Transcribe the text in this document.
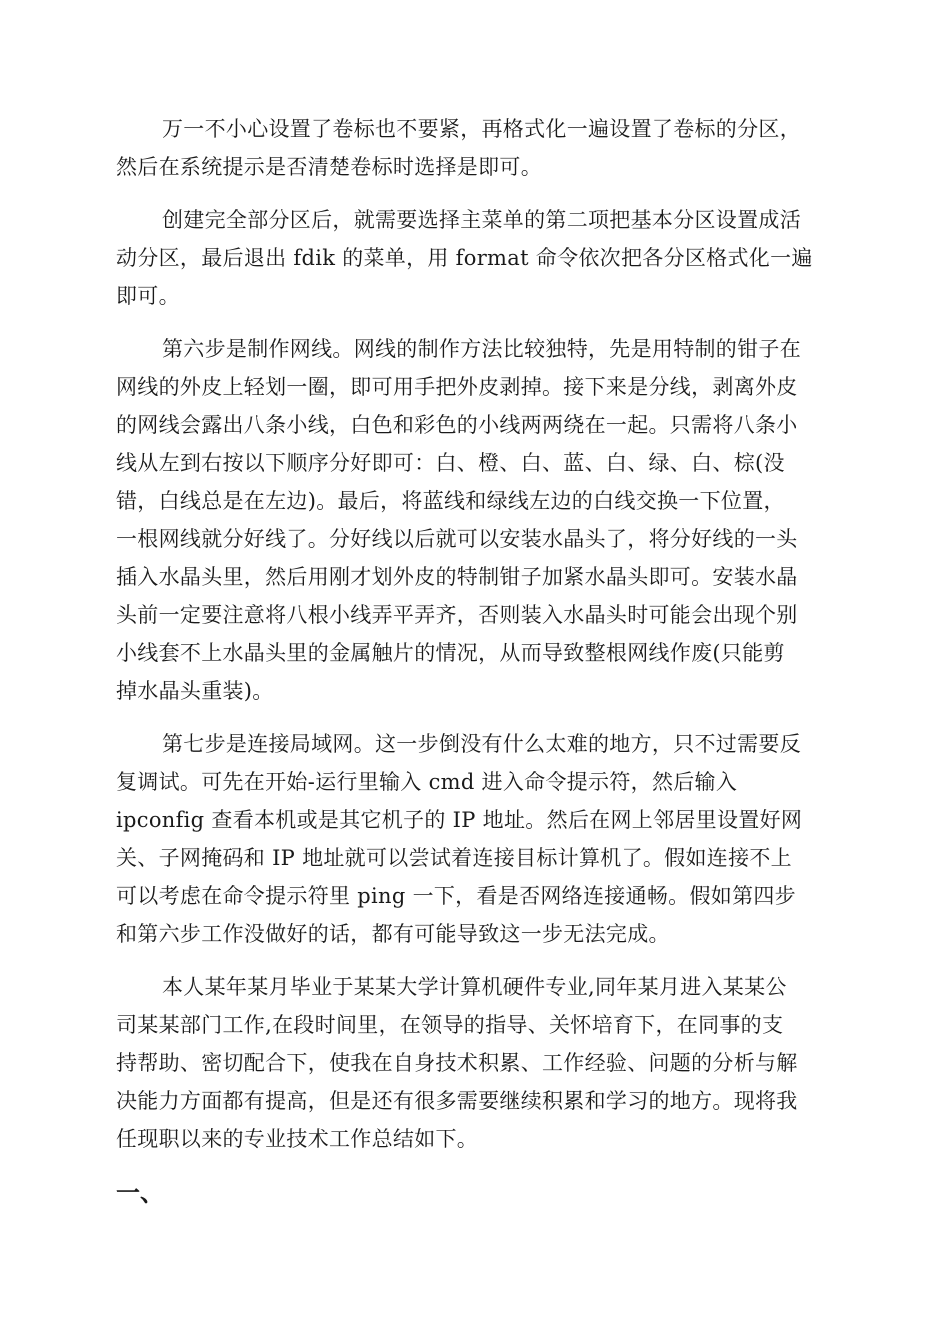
万一不小心设置了卷标也不要紧，再格式化一遍设置了卷标的分区，
然后在系统提示是否清楚卷标时选择是即可。
创建完全部分区后，就需要选择主菜单的第二项把基本分区设置成活
动分区，最后退出 fdik 的菜单，用 format 命令依次把各分区格式化一遍
即可。
第六步是制作网线。网线的制作方法比较独特，先是用特制的钳子在
网线的外皮上轻划一圈，即可用手把外皮剥掉。接下来是分线，剥离外皮
的网线会露出八条小线，白色和彩色的小线两两绕在一起。只需将八条小
线从左到右按以下顺序分好即可：白、橙、白、蓝、白、绿、白、棕(没
错，白线总是在左边)。最后，将蓝线和绿线左边的白线交换一下位置，
一根网线就分好线了。分好线以后就可以安装水晶头了，将分好线的一头
插入水晶头里，然后用刚才划外皮的特制钳子加紧水晶头即可。安装水晶
头前一定要注意将八根小线弄平弄齐，否则装入水晶头时可能会出现个别
小线套不上水晶头里的金属触片的情况，从而导致整根网线作废(只能剪
掉水晶头重装)。
第七步是连接局域网。这一步倒没有什么太难的地方，只不过需要反
复调试。可先在开始-运行里输入 cmd 进入命令提示符，然后输入
ipconfig 查看本机或是其它机子的 IP 地址。然后在网上邻居里设置好网
关、子网掩码和 IP 地址就可以尝试着连接目标计算机了。假如连接不上
可以考虑在命令提示符里 ping 一下，看是否网络连接通畅。假如第四步
和第六步工作没做好的话，都有可能导致这一步无法完成。
本人某年某月毕业于某某大学计算机硬件专业,同年某月进入某某公
司某某部门工作,在段时间里，在领导的指导、关怀培育下，在同事的支
持帮助、密切配合下，使我在自身技术积累、工作经验、问题的分析与解
决能力方面都有提高，但是还有很多需要继续积累和学习的地方。现将我
任现职以来的专业技术工作总结如下。
一、
